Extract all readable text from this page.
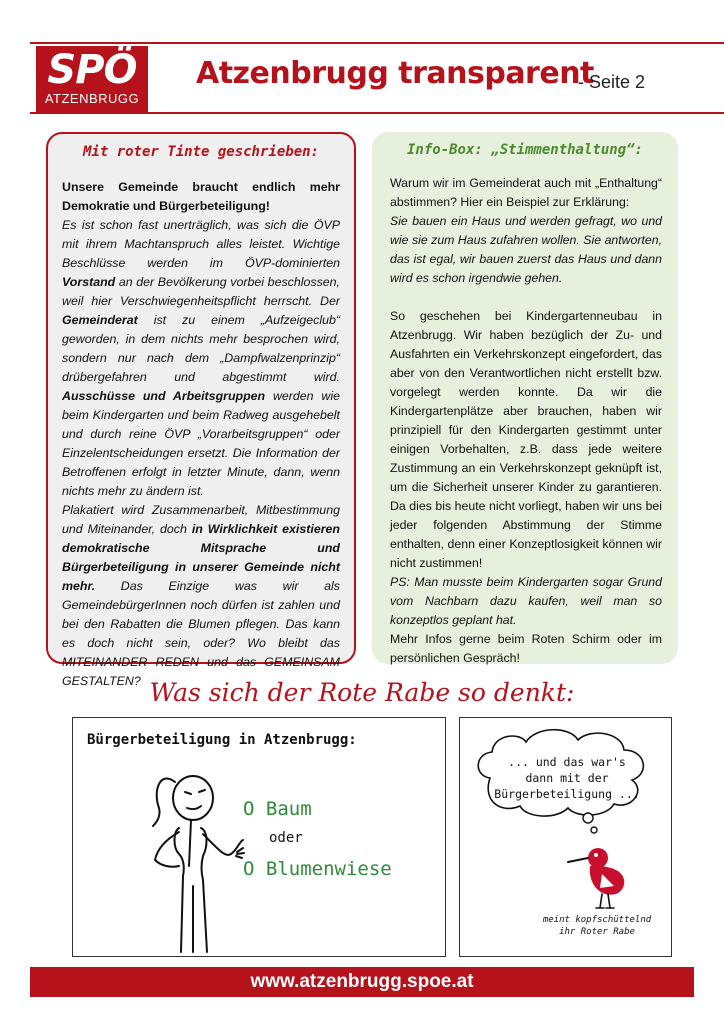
SPÖ
ATZENBRUGG
Atzenbrugg transparent
- Seite 2
Mit roter Tinte geschrieben:

Unsere Gemeinde braucht endlich mehr Demokratie und Bürgerbeteiligung!

Es ist schon fast unerträglich, was sich die ÖVP mit ihrem Machtanspruch alles leistet. Wichtige Beschlüsse werden im ÖVP-dominierten Vorstand an der Bevölkerung vorbei beschlossen, weil hier Verschwiegenheitspflicht herrscht. Der Gemeinderat ist zu einem „Aufzeigeclub“ geworden, in dem nichts mehr besprochen wird, sondern nur nach dem „Dampfwalzenprinzip“ drübergefahren und abgestimmt wird. Ausschüsse und Arbeitsgruppen werden wie beim Kindergarten und beim Radweg ausgehebelt und durch reine ÖVP „Vorarbeitsgruppen“ oder Einzelentscheidungen ersetzt. Die Information der Betroffenen erfolgt in letzter Minute, dann, wenn nichts mehr zu ändern ist.

Plakatiert wird Zusammenarbeit, Mitbestimmung und Miteinander, doch in Wirklichkeit existieren demokratische Mitsprache und Bürgerbeteiligung in unserer Gemeinde nicht mehr. Das Einzige was wir als GemeindebürgerInnen noch dürfen ist zahlen und bei den Rabatten die Blumen pflegen. Das kann es doch nicht sein, oder? Wo bleibt das MITEINANDER REDEN und das GEMEINSAM GESTALTEN?

Info-Box: „Stimmenthaltung“:

Warum wir im Gemeinderat auch mit „Enthaltung“ abstimmen? Hier ein Beispiel zur Erklärung:

Sie bauen ein Haus und werden gefragt, wo und wie sie zum Haus zufahren wollen. Sie antworten, das ist egal, wir bauen zuerst das Haus und dann wird es schon irgendwie gehen.

So geschehen bei Kindergartenneubau in Atzenbrugg. Wir haben bezüglich der Zu- und Ausfahrten ein Verkehrskonzept eingefordert, das aber von den Verantwortlichen nicht erstellt bzw. vorgelegt werden konnte. Da wir die Kindergartenplätze aber brauchen, haben wir prinzipiell für den Kindergarten gestimmt unter einigen Vorbehalten, z.B. dass jede weitere Zustimmung an ein Verkehrskonzept geknüpft ist, um die Sicherheit unserer Kinder zu garantieren. Da dies bis heute nicht vorliegt, haben wir uns bei jeder folgenden Abstimmung der Stimme enthalten, denn einer Konzeptlosigkeit können wir nicht zustimmen!

PS: Man musste beim Kindergarten sogar Grund vom Nachbarn dazu kaufen, weil man so konzeptlos geplant hat.

Mehr Infos gerne beim Roten Schirm oder im persönlichen Gespräch!

Was sich der Rote Rabe so denkt:
Bürgerbeteiligung in Atzenbrugg:
O Baum
oder
O Blumenwiese
... und das war's
dann mit der
Bürgerbeteiligung ...
meint kopfschüttelnd
ihr Roter Rabe
www.atzenbrugg.spoe.at
